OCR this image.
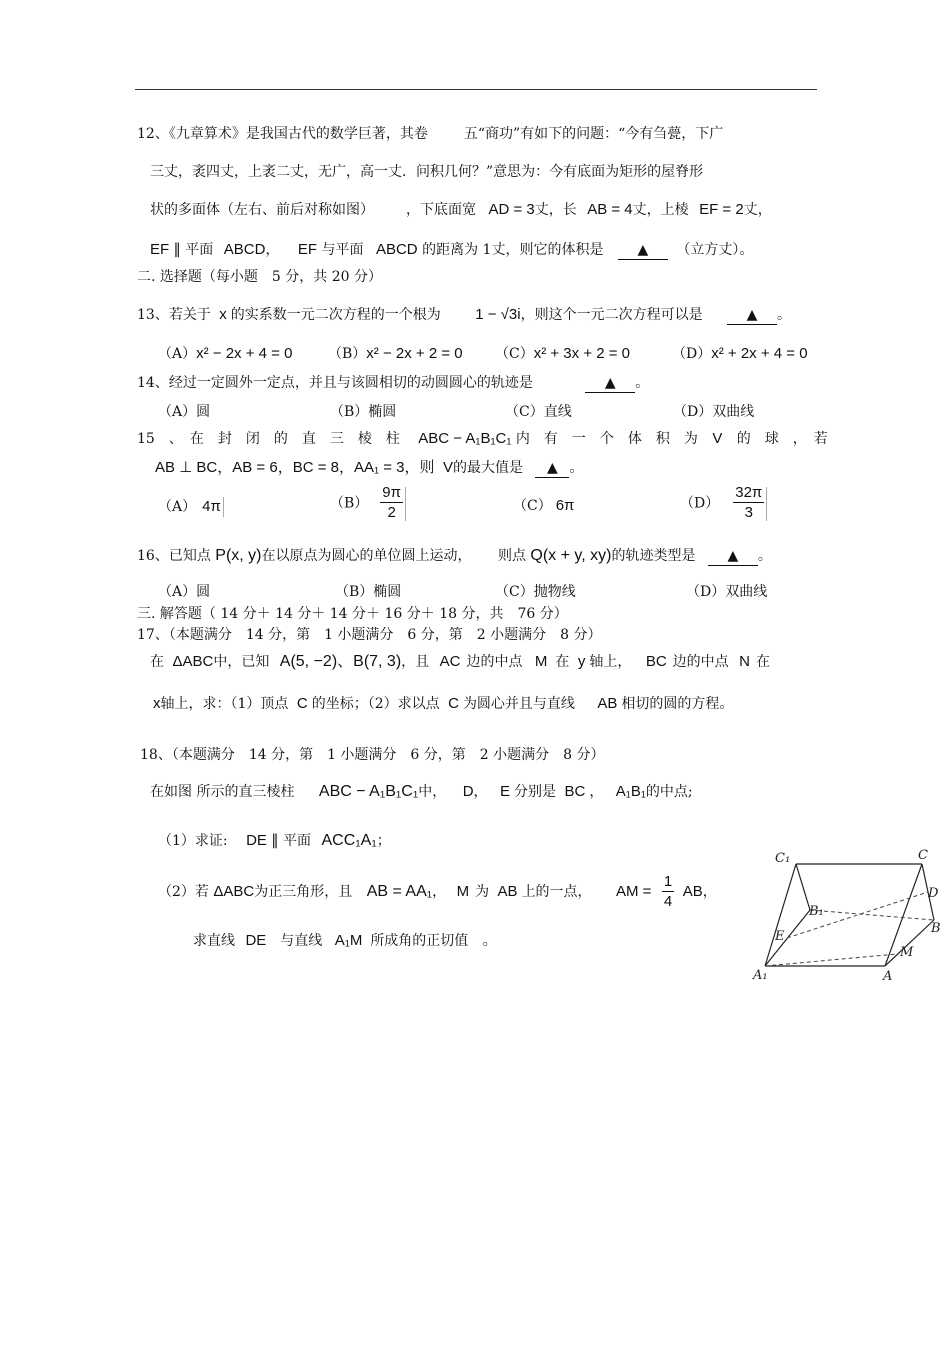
12、《九章算术》是我国古代的数学巨著，其卷	五“商功”有如下的问题：“今有刍甍，下广
三丈，袤四丈，上袤二丈，无广，高一丈．问积几何？”意思为：今有底面为矩形的屋脊形
状的多面体（左右、前后对称如图） ，下底面宽 AD = 3丈，长 AB = 4丈，上棱 EF = 2丈，
EF ∥ 平面 ABCD， EF 与平面 ABCD 的距离为 1丈，则它的体积是 ▲ （立方丈）。
二. 选择题（每小题　5 分，共 20 分）
13、若关于 x 的实系数一元二次方程的一个根为 1 − √3i，则这个一元二次方程可以是	▲ 。
（A）x² − 2x + 4 = 0	（B）x² − 2x + 2 = 0 （C）x² + 3x + 2 = 0	（D）x² + 2x + 4 = 0
14、经过一定圆外一定点，并且与该圆相切的动圆圆心的轨迹是	▲ 。
（A）圆	（B）椭圆	（C）直线	（D）双曲线
15　、　在　封　闭　的　直　三　棱　柱 ABC − A₁B₁C₁ 内　有　一　个　体　积　为 V 的　球　，　若
AB ⊥ BC，AB = 6，BC = 8，AA₁ = 3，则 V的最大值是 ▲ 。
（A） 4π	$(B) \frac{9\pi}{2}$	（C） 6π	$(D) \frac{32\pi}{3}$
16、已知点 P(x, y)在以原点为圆心的单位圆上运动， 则点 Q(x + y, xy)的轨迹类型是 ▲ 。
（A）圆	（B）椭圆	（C）抛物线	（D）双曲线
三. 解答题（ 14 分＋ 14 分＋ 14 分＋ 16 分＋ 18 分，共　76 分）
17、（本题满分　14 分，第　1 小题满分　6 分，第　2 小题满分　8 分）
在 ΔABC中，已知 A(5, −2)、B(7, 3)，且 AC 边的中点 M 在 y 轴上， BC 边的中点 N 在
x轴上，求：（1）顶点 C 的坐标；（2）求以点 C 为圆心并且与直线 AB 相切的圆的方程。
18、（本题满分　14 分，第　1 小题满分　6 分，第　2 小题满分　8 分）
在如图 所示的直三棱柱 ABC − A₁B₁C₁中， D， E 分别是 BC ， A₁B₁的中点;
（1）求证: DE ∥ 平面 ACC₁A₁；
（2）若 ΔABC为正三角形，且 AB = AA₁， M 为 AB 上的一点， AM = $\frac{1}{4}$ AB，
求直线 DE 与直线 A₁M 所成角的正切值 。
C₁	C
D
B₁
B
E
M
A₁	A
